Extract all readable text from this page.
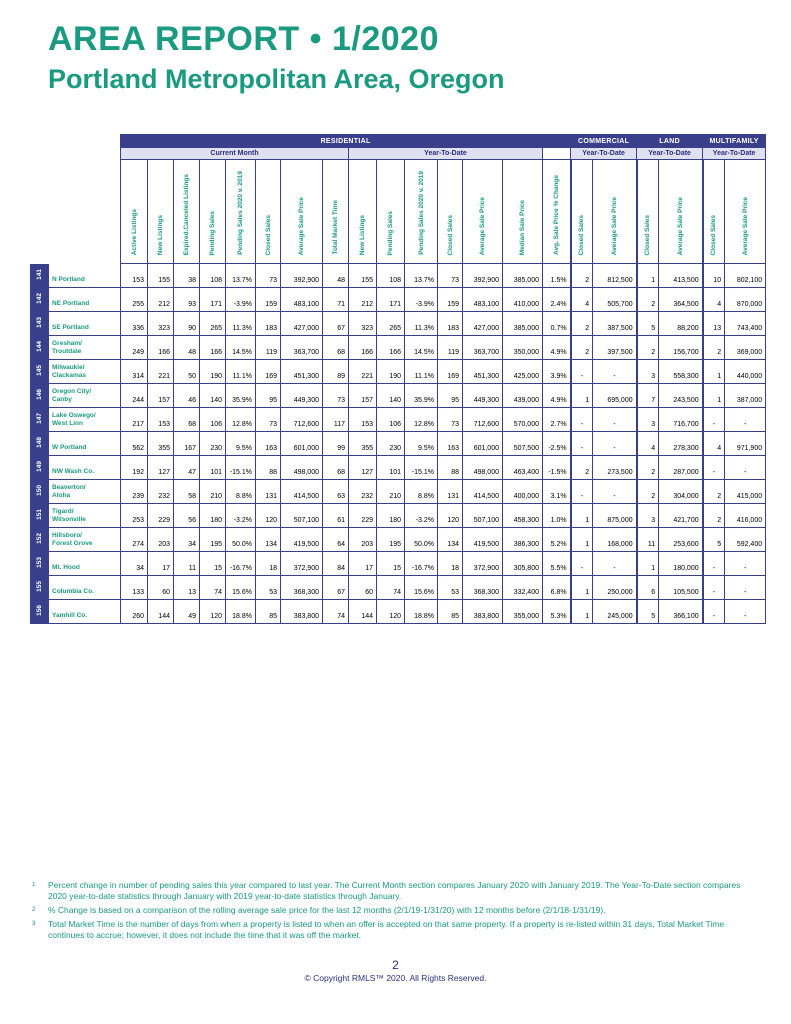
AREA REPORT • 1/2020
Portland Metropolitan Area, Oregon
		RESIDENTIAL															COMMERCIAL		LAND		MULTIFAMILY	
		Current Month								Year-To-Date							Year-To-Date		Year-To-Date		Year-To-Date	
		Active Listings	New Listings	Expired.Canceled Listings	Pending Sales	Pending Sales 2020 v. 2019	Closed Sales	Average Sale Price	Total Market Time	New Listings	Pending Sales	Pending Sales 2020 v. 2019	Closed Sales	Average Sale Price	Median Sale Price	Avg. Sale Price % Change	Closed Sales	Average Sale Price	Closed Sales	Average Sale Price	Closed Sales	Average Sale Price
141	N Portland	153	155	38	108	13.7%	73	392,900	48	155	108	13.7%	73	392,900	385,000	1.5%	2	812,500	1	413,500	10	802,100
142	NE Portland	255	212	93	171	-3.9%	159	483,100	71	212	171	-3.9%	159	483,100	410,000	2.4%	4	505,700	2	364,500	4	870,000
143	SE Portland	336	323	90	265	11.3%	183	427,000	67	323	265	11.3%	183	427,000	385,000	0.7%	2	387,500	5	88,200	13	743,400
144	Gresham/
Troutdale	249	166	48	166	14.5%	119	363,700	68	166	166	14.5%	119	363,700	350,000	4.9%	2	397,500	2	156,700	2	369,000
145	Milwaukie/
Clackamas	314	221	50	190	11.1%	169	451,300	89	221	190	11.1%	169	451,300	425,000	3.9%	-	-	3	558,300	1	440,000
146	Oregon City/
Canby	244	157	46	140	35.9%	95	449,300	73	157	140	35.9%	95	449,300	439,000	4.9%	1	695,000	7	243,500	1	387,000
147	Lake Oswego/
West Linn	217	153	68	106	12.8%	73	712,600	117	153	106	12.8%	73	712,600	570,000	2.7%	-	-	3	716,700	-	-
148	W Portland	562	355	167	230	9.5%	163	601,000	99	355	230	9.5%	163	601,000	507,500	-2.5%	-	-	4	278,300	4	971,900
149	NW Wash Co.	192	127	47	101	-15.1%	88	498,000	68	127	101	-15.1%	88	498,000	463,400	-1.5%	2	273,500	2	287,000	-	-
150	Beaverton/
Aloha	239	232	58	210	8.8%	131	414,500	63	232	210	8.8%	131	414,500	400,000	3.1%	-	-	2	304,000	2	415,000
151	Tigard/
Wilsonville	253	229	56	180	-3.2%	120	507,100	61	229	180	-3.2%	120	507,100	458,300	1.0%	1	875,000	3	421,700	2	416,000
152	Hillsboro/
Forest Grove	274	203	34	195	50.0%	134	419,500	64	203	195	50.0%	134	419,500	386,300	5.2%	1	168,000	11	253,600	5	592,400
153	Mt. Hood	34	17	11	15	-16.7%	18	372,900	84	17	15	-16.7%	18	372,900	305,800	5.5%	-	-	1	180,000	-	-
155	Columbia Co.	133	60	13	74	15.6%	53	368,300	67	60	74	15.6%	53	368,300	332,400	6.8%	1	250,000	6	105,500	-	-
156	Yamhill Co.	260	144	49	120	18.8%	85	383,800	74	144	120	18.8%	85	383,800	355,000	5.3%	1	245,000	5	366,100	-	-

1 Percent change in number of pending sales this year compared to last year. The Current Month section compares January 2020 with January 2019. The Year-To-Date section compares 2020 year-to-date statistics through January with 2019 year-to-date statistics through January.

2 % Change is based on a comparison of the rolling average sale price for the last 12 months (2/1/19-1/31/20) with 12 months before (2/1/18-1/31/19).

3 Total Market Time is the number of days from when a property is listed to when an offer is accepted on that same property. If a property is re-listed within 31 days, Total Market Time continues to accrue; however, it does not include the time that it was off the market.

2
© Copyright RMLS™ 2020. All Rights Reserved.
